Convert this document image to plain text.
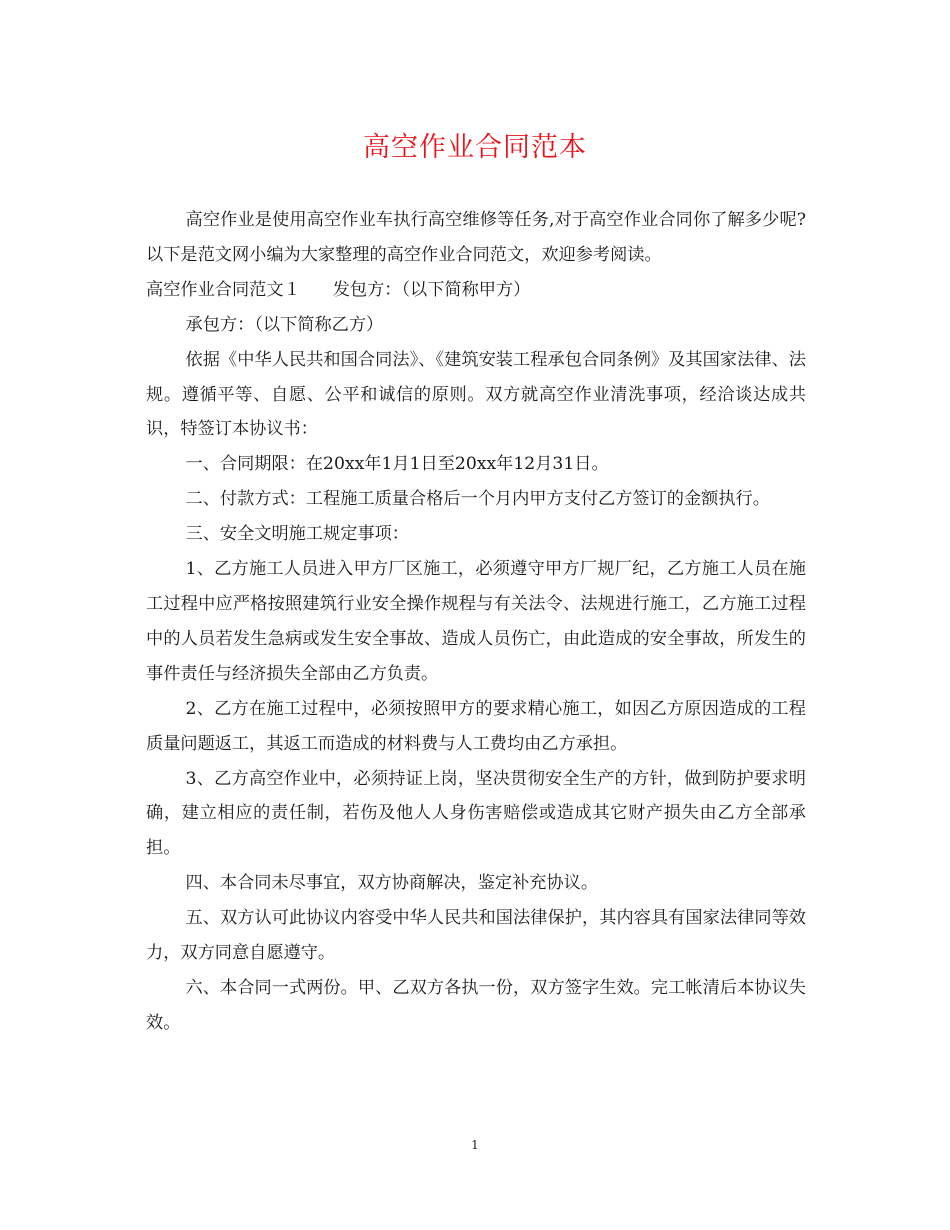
高空作业合同范本

高空作业是使用高空作业车执行高空维修等任务,对于高空作业合同你了解多少呢?以下是范文网小编为大家整理的高空作业合同范文，欢迎参考阅读。

高空作业合同范文１ 发包方：（以下简称甲方）

承包方：（以下简称乙方）

依据《中华人民共和国合同法》、《建筑安装工程承包合同条例》及其国家法律、法规。遵循平等、自愿、公平和诚信的原则。双方就高空作业清洗事项，经洽谈达成共识，特签订本协议书：

一、合同期限：在20xx年1月1日至20xx年12月31日。

二、付款方式：工程施工质量合格后一个月内甲方支付乙方签订的金额执行。

三、安全文明施工规定事项：

1、乙方施工人员进入甲方厂区施工，必须遵守甲方厂规厂纪，乙方施工人员在施工过程中应严格按照建筑行业安全操作规程与有关法令、法规进行施工，乙方施工过程中的人员若发生急病或发生安全事故、造成人员伤亡，由此造成的安全事故，所发生的事件责任与经济损失全部由乙方负责。

2、乙方在施工过程中，必须按照甲方的要求精心施工，如因乙方原因造成的工程质量问题返工，其返工而造成的材料费与人工费均由乙方承担。

3、乙方高空作业中，必须持证上岗，坚决贯彻安全生产的方针，做到防护要求明确，建立相应的责任制，若伤及他人人身伤害赔偿或造成其它财产损失由乙方全部承担。

四、本合同未尽事宜，双方协商解决，鉴定补充协议。

五、双方认可此协议内容受中华人民共和国法律保护，其内容具有国家法律同等效力，双方同意自愿遵守。

六、本合同一式两份。甲、乙双方各执一份，双方签字生效。完工帐清后本协议失效。

1
